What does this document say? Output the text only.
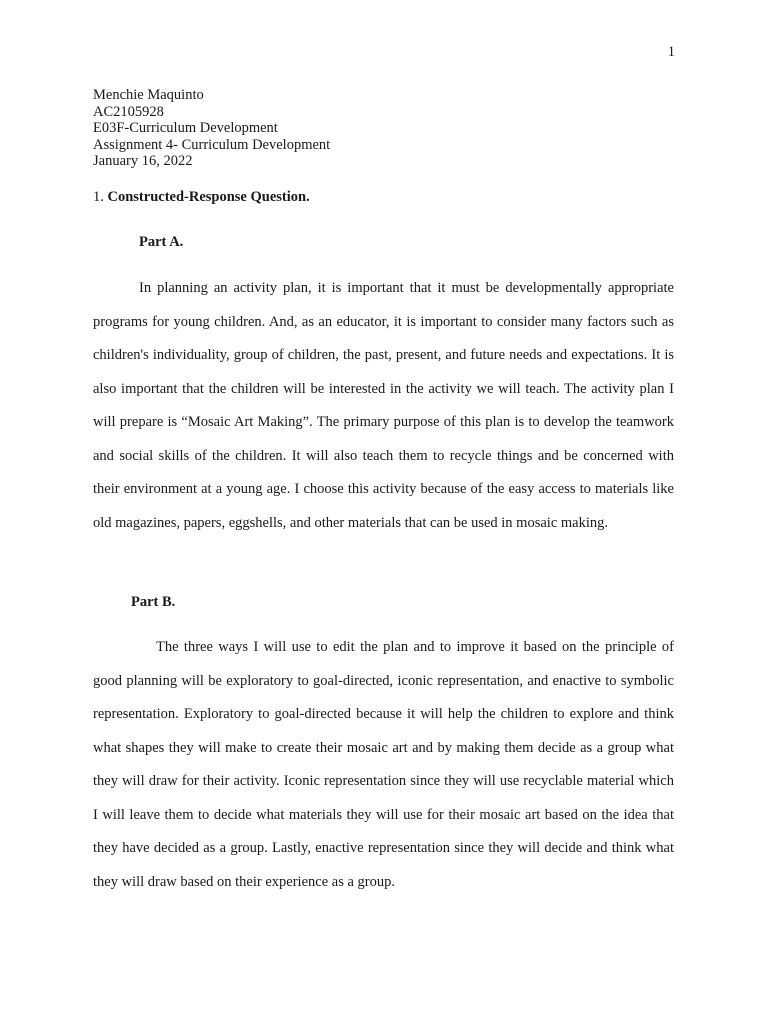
1
Menchie Maquinto
AC2105928
E03F-Curriculum Development
Assignment 4- Curriculum Development
January 16, 2022
1. Constructed-Response Question.
Part A.

In planning an activity plan, it is important that it must be developmentally appropriate programs for young children. And, as an educator, it is important to consider many factors such as children's individuality, group of children, the past, present, and future needs and expectations. It is also important that the children will be interested in the activity we will teach. The activity plan I will prepare is “Mosaic Art Making”. The primary purpose of this plan is to develop the teamwork and social skills of the children. It will also teach them to recycle things and be concerned with their environment at a young age. I choose this activity because of the easy access to materials like old magazines, papers, eggshells, and other materials that can be used in mosaic making.

Part B.

The three ways I will use to edit the plan and to improve it based on the principle of good planning will be exploratory to goal-directed, iconic representation, and enactive to symbolic representation. Exploratory to goal-directed because it will help the children to explore and think what shapes they will make to create their mosaic art and by making them decide as a group what they will draw for their activity. Iconic representation since they will use recyclable material which I will leave them to decide what materials they will use for their mosaic art based on the idea that they have decided as a group. Lastly, enactive representation since they will decide and think what they will draw based on their experience as a group.
